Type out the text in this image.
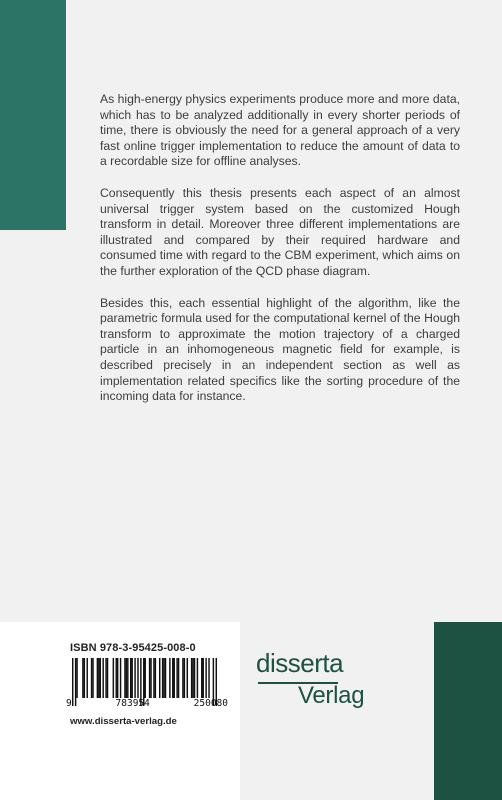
As high-energy physics experiments produce more and more data, which has to be analyzed additionally in every shorter periods of time, there is obviously the need for a general approach of a very fast online trigger implementation to reduce the amount of data to a recordable size for offline analyses.

Consequently this thesis presents each aspect of an almost universal trigger system based on the customized Hough transform in detail. Moreover three different implementations are illustrated and compared by their required hardware and consumed time with regard to the CBM experiment, which aims on the further exploration of the QCD phase diagram.

Besides this, each essential highlight of the algorithm, like the parametric formula used for the computational kernel of the Hough transform to approximate the motion trajectory of a charged particle in an inhomogeneous magnetic field for example, is described precisely in an independent section as well as implementation related specifics like the sorting procedure of the incoming data for instance.

ISBN 978-3-95425-008-0
9	783954	250080
www.disserta-verlag.de
disserta
Verlag
